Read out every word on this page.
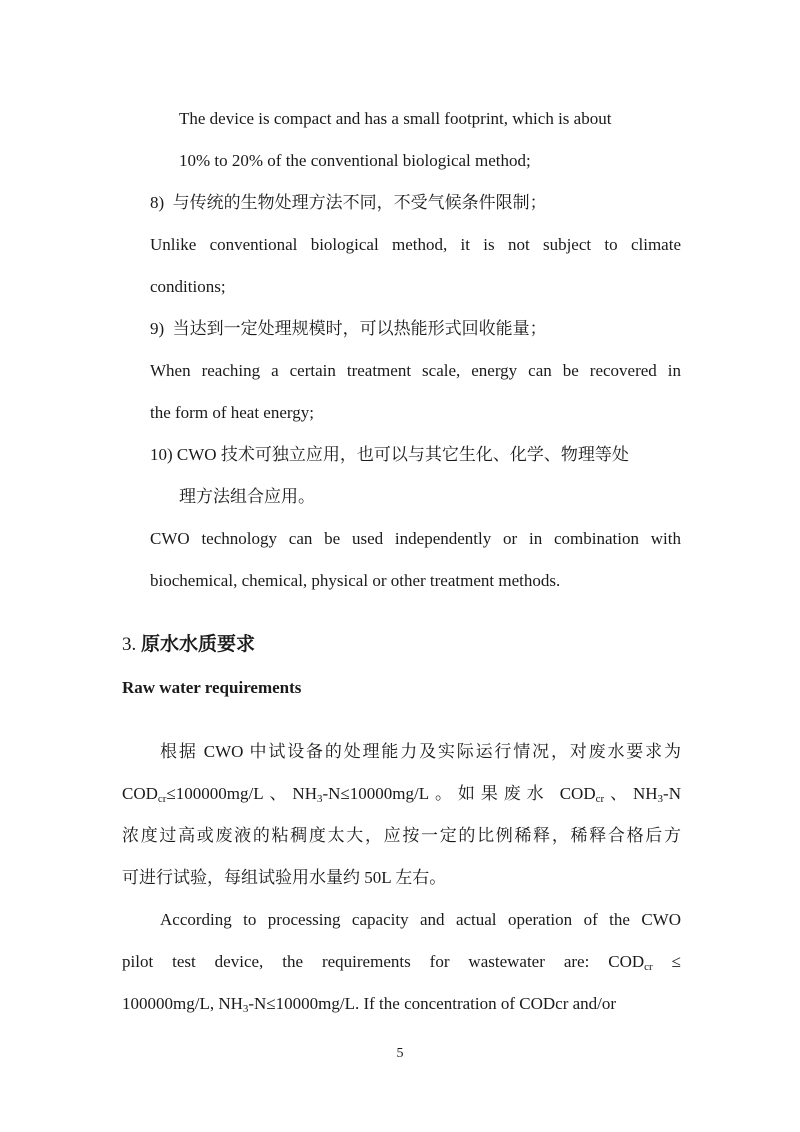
The device is compact and has a small footprint, which is about
10% to 20% of the conventional biological method;
8) 与传统的生物处理方法不同，不受气候条件限制；
Unlike conventional biological method, it is not subject to climate
conditions;
9) 当达到一定处理规模时，可以热能形式回收能量；
When reaching a certain treatment scale, energy can be recovered in
the form of heat energy;
10) CWO 技术可独立应用，也可以与其它生化、化学、物理等处
理方法组合应用。
CWO technology can be used independently or in combination with
biochemical, chemical, physical or other treatment methods.
3. 原水水质要求
Raw water requirements
根据 CWO 中试设备的处理能力及实际运行情况，对废水要求为
$COD_{cr}\le 100000mg/L$、$NH_3-N\le 10000mg/L$。如果废水 $COD_{cr}$、$NH_3-N$
浓度过高或废液的粘稠度太大，应按一定的比例稀释，稀释合格后方
可进行试验，每组试验用水量约 50L 左右。
According to processing capacity and actual operation of the CWO
pilot test device, the requirements for wastewater are: $COD_{cr}$ ≤
100000mg/L, $NH_3-N\le 10000mg/L$. If the concentration of CODcr and/or
5
